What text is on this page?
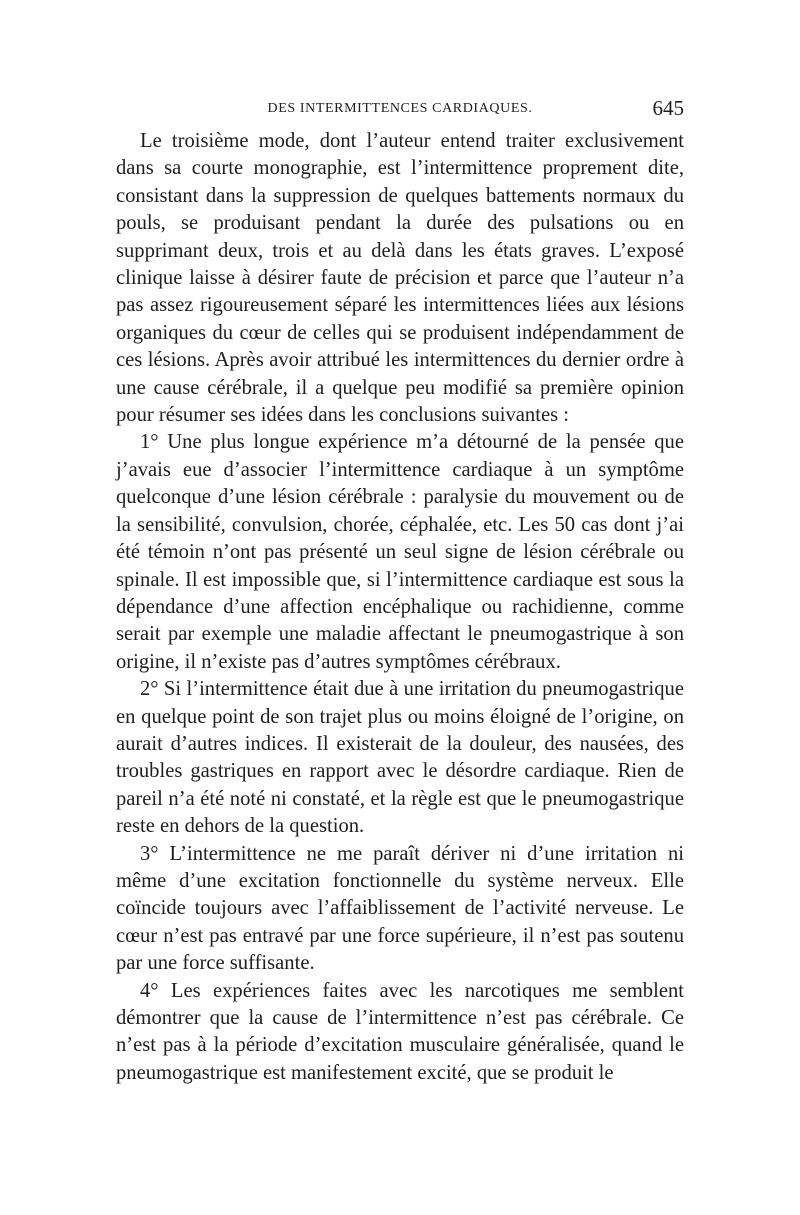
DES INTERMITTENCES CARDIAQUES.	645

Le troisième mode, dont l’auteur entend traiter exclusivement dans sa courte monographie, est l’intermittence proprement dite, consistant dans la suppression de quelques battements normaux du pouls, se produisant pendant la durée des pulsations ou en supprimant deux, trois et au delà dans les états graves. L’exposé clinique laisse à désirer faute de précision et parce que l’auteur n’a pas assez rigoureusement séparé les intermittences liées aux lésions organiques du cœur de celles qui se produisent indépendamment de ces lésions. Après avoir attribué les intermittences du dernier ordre à une cause cérébrale, il a quelque peu modifié sa première opinion pour résumer ses idées dans les conclusions suivantes :

1° Une plus longue expérience m’a détourné de la pensée que j’avais eue d’associer l’intermittence cardiaque à un symptôme quelconque d’une lésion cérébrale : paralysie du mouvement ou de la sensibilité, convulsion, chorée, céphalée, etc. Les 50 cas dont j’ai été témoin n’ont pas présenté un seul signe de lésion cérébrale ou spinale. Il est impossible que, si l’intermittence cardiaque est sous la dépendance d’une affection encéphalique ou rachidienne, comme serait par exemple une maladie affectant le pneumogastrique à son origine, il n’existe pas d’autres symptômes cérébraux.

2° Si l’intermittence était due à une irritation du pneumogastrique en quelque point de son trajet plus ou moins éloigné de l’origine, on aurait d’autres indices. Il existerait de la douleur, des nausées, des troubles gastriques en rapport avec le désordre cardiaque. Rien de pareil n’a été noté ni constaté, et la règle est que le pneumogastrique reste en dehors de la question.

3° L’intermittence ne me paraît dériver ni d’une irritation ni même d’une excitation fonctionnelle du système nerveux. Elle coïncide toujours avec l’affaiblissement de l’activité nerveuse. Le cœur n’est pas entravé par une force supérieure, il n’est pas soutenu par une force suffisante.

4° Les expériences faites avec les narcotiques me semblent démontrer que la cause de l’intermittence n’est pas cérébrale. Ce n’est pas à la période d’excitation musculaire généralisée, quand le pneumogastrique est manifestement excité, que se produit le
